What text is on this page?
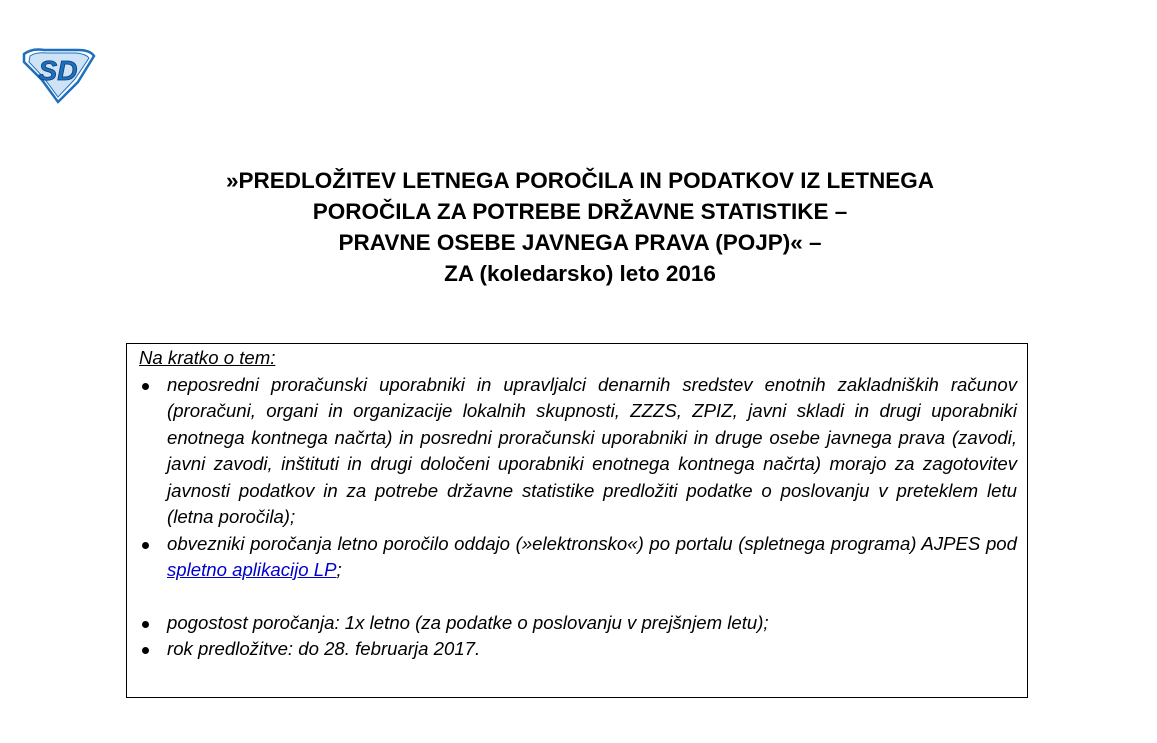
SD
»PREDLOŽITEV LETNEGA POROČILA IN PODATKOV IZ LETNEGA
POROČILA ZA POTREBE DRŽAVNE STATISTIKE –
PRAVNE OSEBE JAVNEGA PRAVA (POJP)« –
ZA (koledarsko) leto 2016
Na kratko o tem:
neposredni proračunski uporabniki in upravljalci denarnih sredstev enotnih zakladniških računov (proračuni, organi in organizacije lokalnih skupnosti, ZZZS, ZPIZ, javni skladi in drugi uporabniki enotnega kontnega načrta) in posredni proračunski uporabniki in druge osebe javnega prava (zavodi, javni zavodi, inštituti in drugi določeni uporabniki enotnega kontnega načrta) morajo za zagotovitev javnosti podatkov in za potrebe državne statistike predložiti podatke o poslovanju v preteklem letu (letna poročila);
obvezniki poročanja letno poročilo oddajo (»elektronsko«) po portalu (spletnega programa) AJPES pod spletno aplikacijo LP;
pogostost poročanja: 1x letno (za podatke o poslovanju v prejšnjem letu);
rok predložitve: do 28. februarja 2017.
